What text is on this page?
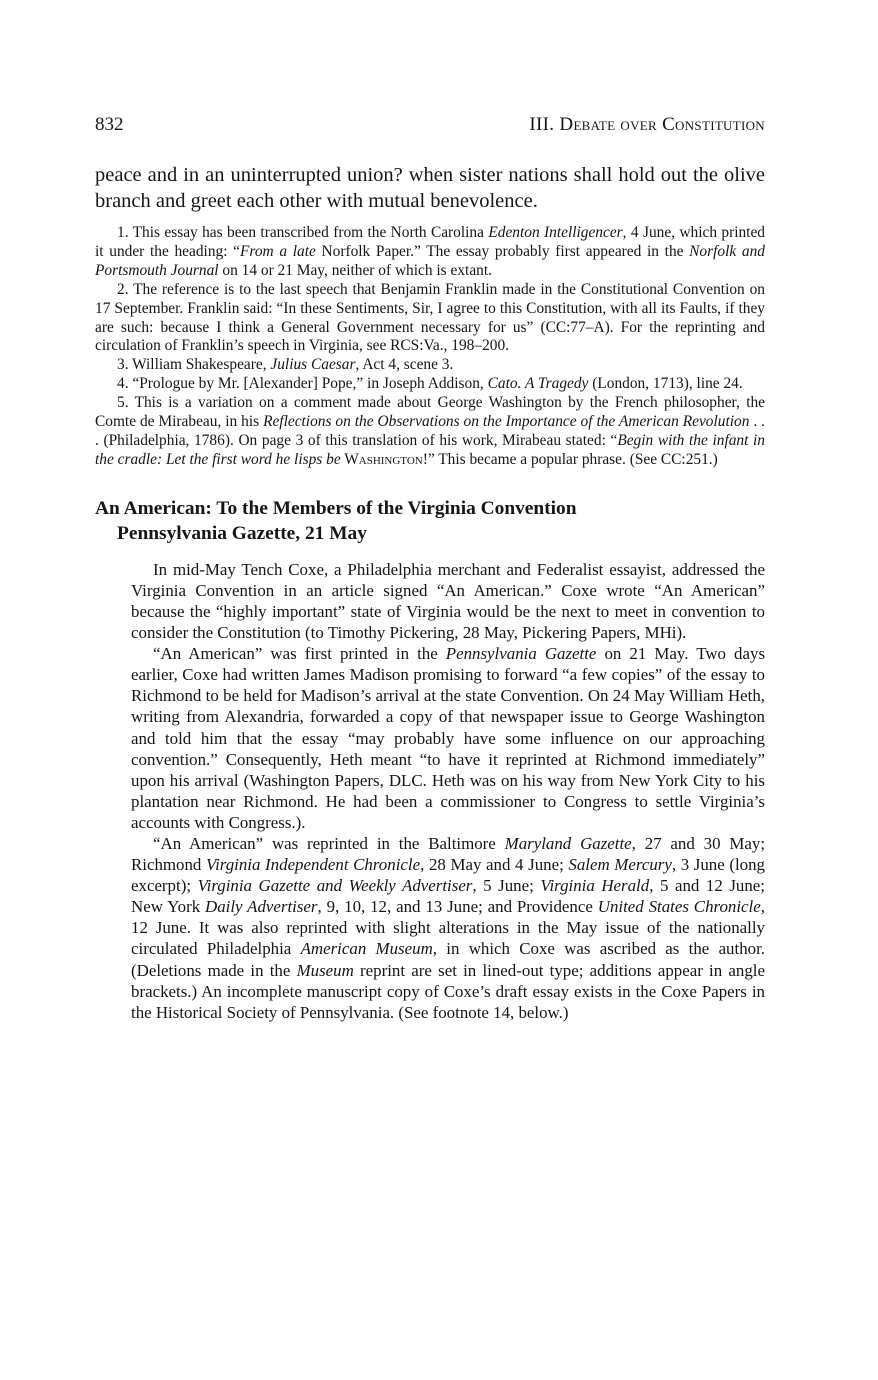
832	III. Debate over Constitution
peace and in an uninterrupted union? when sister nations shall hold out the olive branch and greet each other with mutual benevolence.

1. This essay has been transcribed from the North Carolina Edenton Intelligencer, 4 June, which printed it under the heading: “From a late Norfolk Paper.” The essay probably first appeared in the Norfolk and Portsmouth Journal on 14 or 21 May, neither of which is extant.

2. The reference is to the last speech that Benjamin Franklin made in the Constitutional Convention on 17 September. Franklin said: “In these Sentiments, Sir, I agree to this Constitution, with all its Faults, if they are such: because I think a General Government necessary for us” (CC:77–A). For the reprinting and circulation of Franklin’s speech in Virginia, see RCS:Va., 198–200.

3. William Shakespeare, Julius Caesar, Act 4, scene 3.

4. “Prologue by Mr. [Alexander] Pope,” in Joseph Addison, Cato. A Tragedy (London, 1713), line 24.

5. This is a variation on a comment made about George Washington by the French philosopher, the Comte de Mirabeau, in his Reflections on the Observations on the Importance of the American Revolution . . . (Philadelphia, 1786). On page 3 of this translation of his work, Mirabeau stated: “Begin with the infant in the cradle: Let the first word he lisps be Washington!” This became a popular phrase. (See CC:251.)

An American: To the Members of the Virginia Convention
Pennsylvania Gazette, 21 May

In mid-May Tench Coxe, a Philadelphia merchant and Federalist essayist, addressed the Virginia Convention in an article signed “An American.” Coxe wrote “An American” because the “highly important” state of Virginia would be the next to meet in convention to consider the Constitution (to Timothy Pickering, 28 May, Pickering Papers, MHi).

“An American” was first printed in the Pennsylvania Gazette on 21 May. Two days earlier, Coxe had written James Madison promising to forward “a few copies” of the essay to Richmond to be held for Madison’s arrival at the state Convention. On 24 May William Heth, writing from Alexandria, forwarded a copy of that newspaper issue to George Washington and told him that the essay “may probably have some influence on our approaching convention.” Consequently, Heth meant “to have it reprinted at Richmond immediately” upon his arrival (Washington Papers, DLC. Heth was on his way from New York City to his plantation near Richmond. He had been a commissioner to Congress to settle Virginia’s accounts with Congress.).

“An American” was reprinted in the Baltimore Maryland Gazette, 27 and 30 May; Richmond Virginia Independent Chronicle, 28 May and 4 June; Salem Mercury, 3 June (long excerpt); Virginia Gazette and Weekly Advertiser, 5 June; Virginia Herald, 5 and 12 June; New York Daily Advertiser, 9, 10, 12, and 13 June; and Providence United States Chronicle, 12 June. It was also reprinted with slight alterations in the May issue of the nationally circulated Philadelphia American Museum, in which Coxe was ascribed as the author. (Deletions made in the Museum reprint are set in lined-out type; additions appear in angle brackets.) An incomplete manuscript copy of Coxe’s draft essay exists in the Coxe Papers in the Historical Society of Pennsylvania. (See footnote 14, below.)
